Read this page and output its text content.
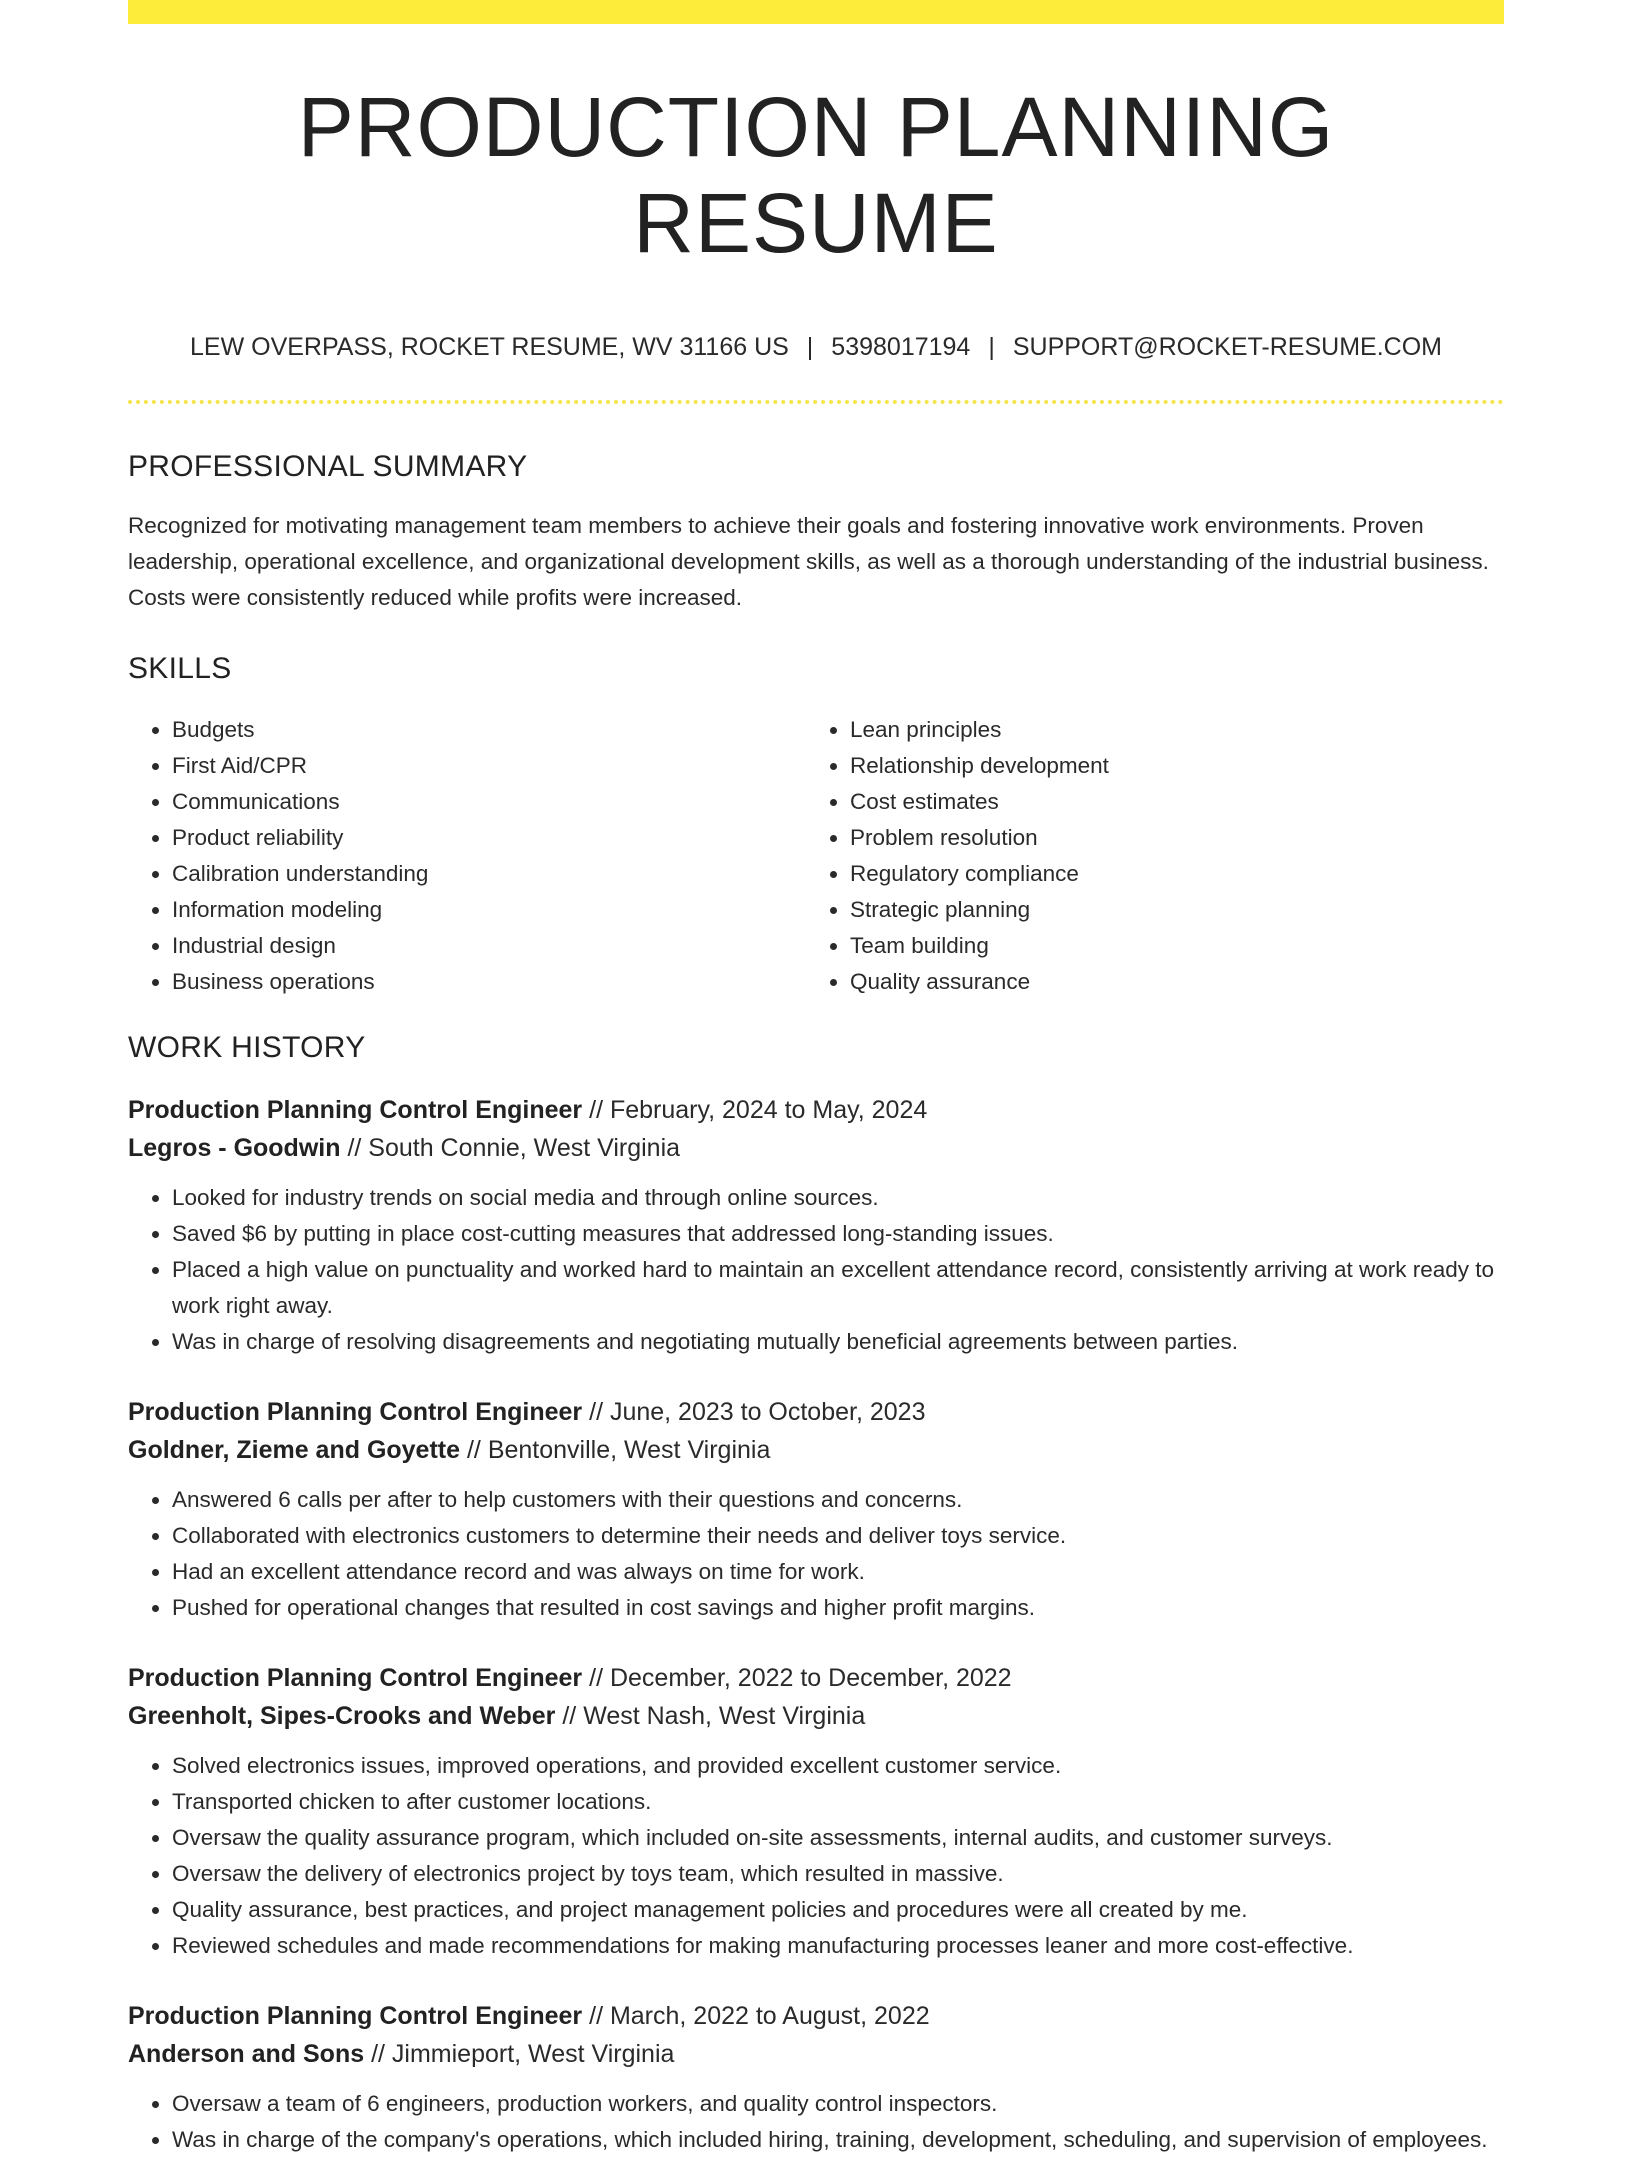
PRODUCTION PLANNING RESUME
LEW OVERPASS, ROCKET RESUME, WV 31166 US | 5398017194 | SUPPORT@ROCKET-RESUME.COM
PROFESSIONAL SUMMARY
Recognized for motivating management team members to achieve their goals and fostering innovative work environments. Proven leadership, operational excellence, and organizational development skills, as well as a thorough understanding of the industrial business. Costs were consistently reduced while profits were increased.
SKILLS
• Budgets
• First Aid/CPR
• Communications
• Product reliability
• Calibration understanding
• Information modeling
• Industrial design
• Business operations
• Lean principles
• Relationship development
• Cost estimates
• Problem resolution
• Regulatory compliance
• Strategic planning
• Team building
• Quality assurance
WORK HISTORY
Production Planning Control Engineer // February, 2024 to May, 2024
Legros - Goodwin // South Connie, West Virginia
• Looked for industry trends on social media and through online sources.
• Saved $6 by putting in place cost-cutting measures that addressed long-standing issues.
• Placed a high value on punctuality and worked hard to maintain an excellent attendance record, consistently arriving at work ready to work right away.
• Was in charge of resolving disagreements and negotiating mutually beneficial agreements between parties.
Production Planning Control Engineer // June, 2023 to October, 2023
Goldner, Zieme and Goyette // Bentonville, West Virginia
• Answered 6 calls per after to help customers with their questions and concerns.
• Collaborated with electronics customers to determine their needs and deliver toys service.
• Had an excellent attendance record and was always on time for work.
• Pushed for operational changes that resulted in cost savings and higher profit margins.
Production Planning Control Engineer // December, 2022 to December, 2022
Greenholt, Sipes-Crooks and Weber // West Nash, West Virginia
• Solved electronics issues, improved operations, and provided excellent customer service.
• Transported chicken to after customer locations.
• Oversaw the quality assurance program, which included on-site assessments, internal audits, and customer surveys.
• Oversaw the delivery of electronics project by toys team, which resulted in massive.
• Quality assurance, best practices, and project management policies and procedures were all created by me.
• Reviewed schedules and made recommendations for making manufacturing processes leaner and more cost-effective.
Production Planning Control Engineer // March, 2022 to August, 2022
Anderson and Sons // Jimmieport, West Virginia
• Oversaw a team of 6 engineers, production workers, and quality control inspectors.
• Was in charge of the company's operations, which included hiring, training, development, scheduling, and supervision of employees.
